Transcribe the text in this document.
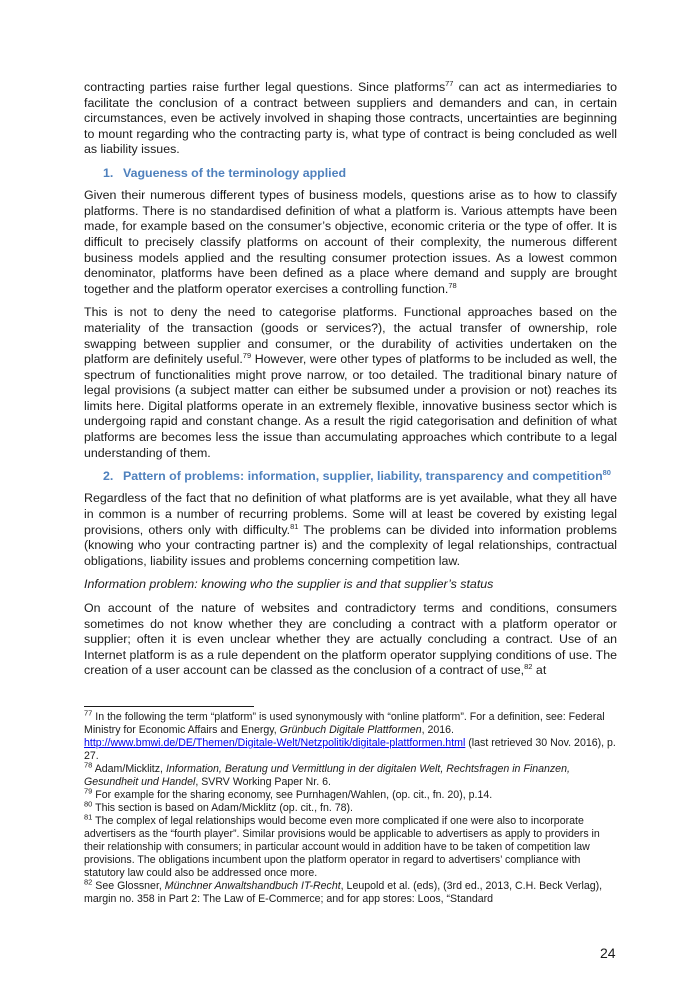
contracting parties raise further legal questions. Since platforms$^{77}$ can act as intermediaries to facilitate the conclusion of a contract between suppliers and demanders and can, in certain circumstances, even be actively involved in shaping those contracts, uncertainties are beginning to mount regarding who the contracting party is, what type of contract is being concluded as well as liability issues.

1. Vagueness of the terminology applied

Given their numerous different types of business models, questions arise as to how to classify platforms. There is no standardised definition of what a platform is. Various attempts have been made, for example based on the consumer’s objective, economic criteria or the type of offer. It is difficult to precisely classify platforms on account of their complexity, the numerous different business models applied and the resulting consumer protection issues. As a lowest common denominator, platforms have been defined as a place where demand and supply are brought together and the platform operator exercises a controlling function.$^{78}$

This is not to deny the need to categorise platforms. Functional approaches based on the materiality of the transaction (goods or services?), the actual transfer of ownership, role swapping between supplier and consumer, or the durability of activities undertaken on the platform are definitely useful.$^{79}$ However, were other types of platforms to be included as well, the spectrum of functionalities might prove narrow, or too detailed. The traditional binary nature of legal provisions (a subject matter can either be subsumed under a provision or not) reaches its limits here. Digital platforms operate in an extremely flexible, innovative business sector which is undergoing rapid and constant change. As a result the rigid categorisation and definition of what platforms are becomes less the issue than accumulating approaches which contribute to a legal understanding of them.

2. Pattern of problems: information, supplier, liability, transparency and competition$^{80}$

Regardless of the fact that no definition of what platforms are is yet available, what they all have in common is a number of recurring problems. Some will at least be covered by existing legal provisions, others only with difficulty.$^{81}$ The problems can be divided into information problems (knowing who your contracting partner is) and the complexity of legal relationships, contractual obligations, liability issues and problems concerning competition law.

Information problem: knowing who the supplier is and that supplier’s status

On account of the nature of websites and contradictory terms and conditions, consumers sometimes do not know whether they are concluding a contract with a platform operator or supplier; often it is even unclear whether they are actually concluding a contract. Use of an Internet platform is as a rule dependent on the platform operator supplying conditions of use. The creation of a user account can be classed as the conclusion of a contract of use,$^{82}$ at

$^{77}$ In the following the term “platform” is used synonymously with “online platform”. For a definition, see: Federal Ministry for Economic Affairs and Energy, Grünbuch Digitale Plattformen, 2016. http://www.bmwi.de/DE/Themen/Digitale-Welt/Netzpolitik/digitale-plattformen.html (last retrieved 30 Nov. 2016), p. 27.

$^{78}$ Adam/Micklitz, Information, Beratung und Vermittlung in der digitalen Welt, Rechtsfragen in Finanzen, Gesundheit und Handel, SVRV Working Paper Nr. 6.

$^{79}$ For example for the sharing economy, see Purnhagen/Wahlen, (op. cit., fn. 20), p.14.

$^{80}$ This section is based on Adam/Micklitz (op. cit., fn. 78).

$^{81}$ The complex of legal relationships would become even more complicated if one were also to incorporate advertisers as the “fourth player”. Similar provisions would be applicable to advertisers as apply to providers in their relationship with consumers; in particular account would in addition have to be taken of competition law provisions. The obligations incumbent upon the platform operator in regard to advertisers’ compliance with statutory law could also be addressed once more.

$^{82}$ See Glossner, Münchner Anwaltshandbuch IT-Recht, Leupold et al. (eds), (3rd ed., 2013, C.H. Beck Verlag), margin no. 358 in Part 2: The Law of E-Commerce; and for app stores: Loos, “Standard

24
